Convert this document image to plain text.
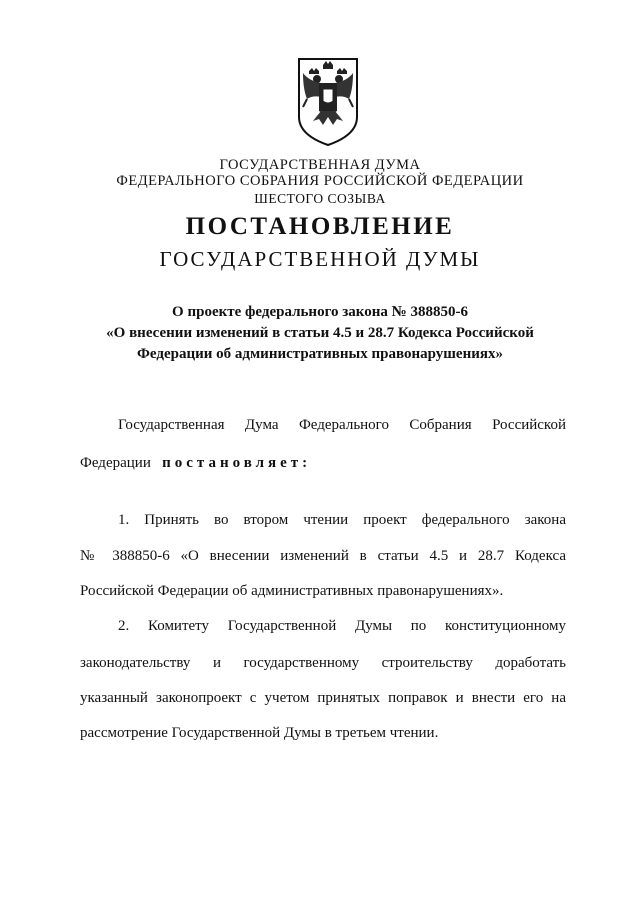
ГОСУДАРСТВЕННАЯ ДУМА
ФЕДЕРАЛЬНОГО СОБРАНИЯ РОССИЙСКОЙ ФЕДЕРАЦИИ
ШЕСТОГО СОЗЫВА
ПОСТАНОВЛЕНИЕ
ГОСУДАРСТВЕННОЙ ДУМЫ
О проекте федерального закона № 388850-6
«О внесении изменений в статьи 4.5 и 28.7 Кодекса Российской
Федерации об административных правонарушениях»
Государственная Дума Федерального Собрания Российской
Федерации постановляет:
1. Принять во втором чтении проект федерального закона
№ 388850-6 «О внесении изменений в статьи 4.5 и 28.7 Кодекса
Российской Федерации об административных правонарушениях».
2. Комитету Государственной Думы по конституционному
законодательству и государственному строительству доработать
указанный законопроект с учетом принятых поправок и внести его на
рассмотрение Государственной Думы в третьем чтении.
